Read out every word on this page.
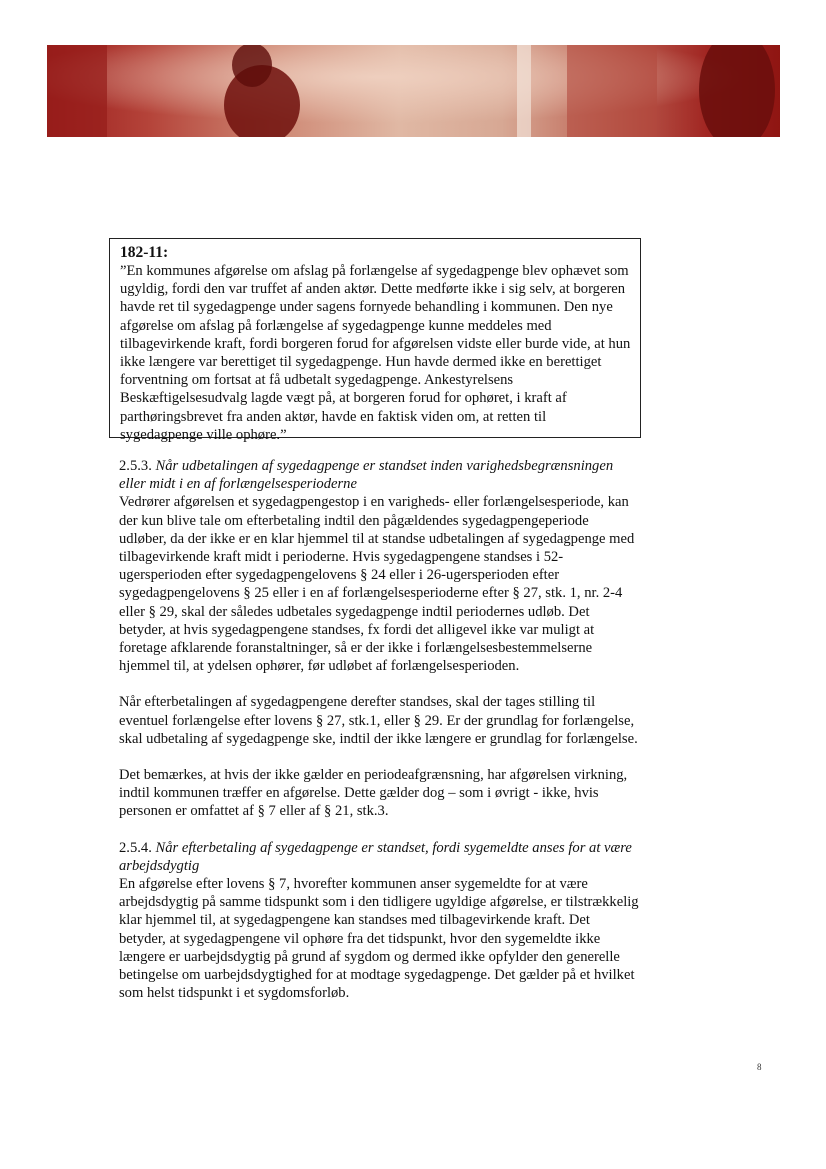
182-11:
”En kommunes afgørelse om afslag på forlængelse af sygedagpenge blev ophævet som ugyldig, fordi den var truffet af anden aktør. Dette medførte ikke i sig selv, at borgeren havde ret til sygedagpenge under sagens fornyede behandling i kommunen. Den nye afgørelse om afslag på forlængelse af sygedagpenge kunne meddeles med tilbagevirkende kraft, fordi borgeren forud for afgørelsen vidste eller burde vide, at hun ikke længere var berettiget til sygedagpenge. Hun havde dermed ikke en berettiget forventning om fortsat at få udbetalt sygedagpenge. Ankestyrelsens Beskæftigelsesudvalg lagde vægt på, at borgeren forud for ophøret, i kraft af parthøringsbrevet fra anden aktør, havde en faktisk viden om, at retten til sygedagpenge ville ophøre.”
2.5.3. Når udbetalingen af sygedagpenge er standset inden varighedsbegrænsningen eller midt i en af forlængelsesperioderne

Vedrører afgørelsen et sygedagpengestop i en varigheds- eller forlængelsesperiode, kan der kun blive tale om efterbetaling indtil den pågældendes sygedagpengeperiode udløber, da der ikke er en klar hjemmel til at standse udbetalingen af sygedagpenge med tilbagevirkende kraft midt i perioderne. Hvis sygedagpengene standses i 52-ugersperioden efter sygedagpengelovens § 24 eller i 26-ugersperioden efter sygedagpengelovens § 25 eller i en af forlængelsesperioderne efter § 27, stk. 1, nr. 2-4 eller § 29, skal der således udbetales sygedagpenge indtil periodernes udløb. Det betyder, at hvis sygedagpengene standses, fx fordi det alligevel ikke var muligt at foretage afklarende foranstaltninger, så er der ikke i forlængelsesbestemmelserne hjemmel til, at ydelsen ophører, før udløbet af forlængelsesperioden.

Når efterbetalingen af sygedagpengene derefter standses, skal der tages stilling til eventuel forlængelse efter lovens § 27, stk.1, eller § 29. Er der grundlag for forlængelse, skal udbetaling af sygedagpenge ske, indtil der ikke længere er grundlag for forlængelse.

Det bemærkes, at hvis der ikke gælder en periodeafgrænsning, har afgørelsen virkning, indtil kommunen træffer en afgørelse. Dette gælder dog – som i øvrigt - ikke, hvis personen er omfattet af § 7 eller af § 21, stk.3.

2.5.4. Når efterbetaling af sygedagpenge er standset, fordi sygemeldte anses for at være arbejdsdygtig

En afgørelse efter lovens § 7, hvorefter kommunen anser sygemeldte for at være arbejdsdygtig på samme tidspunkt som i den tidligere ugyldige afgørelse, er tilstrækkelig klar hjemmel til, at sygedagpengene kan standses med tilbagevirkende kraft. Det betyder, at sygedagpengene vil ophøre fra det tidspunkt, hvor den sygemeldte ikke længere er uarbejdsdygtig på grund af sygdom og dermed ikke opfylder den generelle betingelse om uarbejdsdygtighed for at modtage sygedagpenge. Det gælder på et hvilket som helst tidspunkt i et sygdomsforløb.

8
